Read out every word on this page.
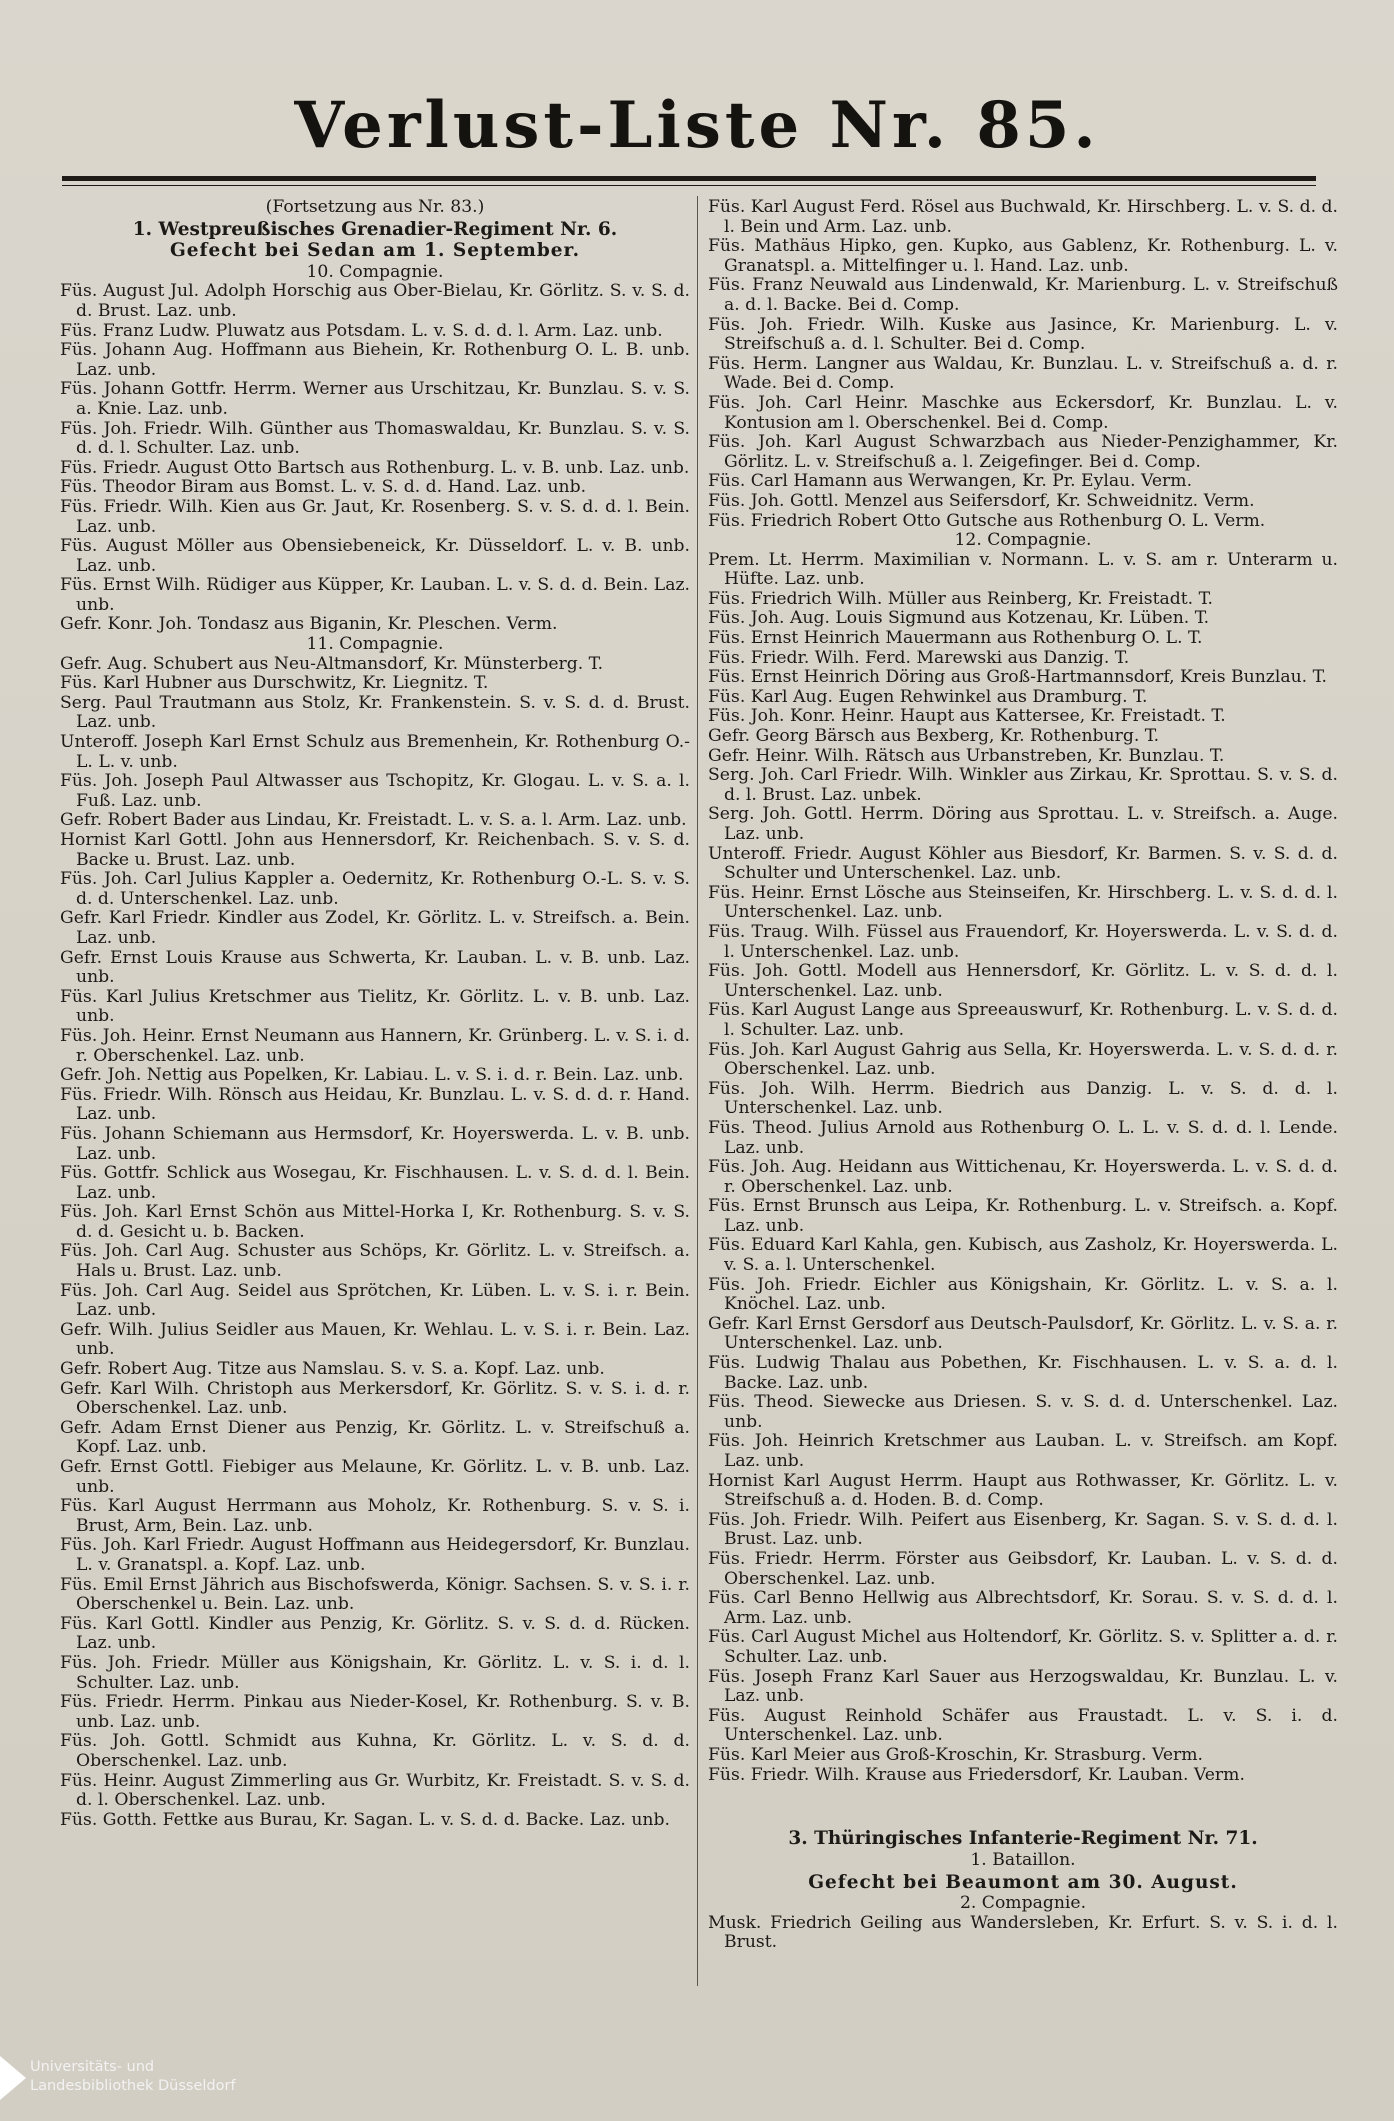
Verlust-Liste Nr. 85.

(Fortsetzung aus Nr. 83.)

1. Westpreußisches Grenadier-Regiment Nr. 6.

Gefecht bei Sedan am 1. September.

10. Compagnie.

Füs. August Jul. Adolph Horschig aus Ober-Bielau, Kr. Görlitz. S. v. S. d. d. Brust. Laz. unb.

Füs. Franz Ludw. Pluwatz aus Potsdam. L. v. S. d. d. l. Arm. Laz. unb.

Füs. Johann Aug. Hoffmann aus Biehein, Kr. Rothenburg O. L. B. unb. Laz. unb.

Füs. Johann Gottfr. Herrm. Werner aus Urschitzau, Kr. Bunzlau. S. v. S. a. Knie. Laz. unb.

Füs. Joh. Friedr. Wilh. Günther aus Thomaswaldau, Kr. Bunzlau. S. v. S. d. d. l. Schulter. Laz. unb.

Füs. Friedr. August Otto Bartsch aus Rothenburg. L. v. B. unb. Laz. unb.

Füs. Theodor Biram aus Bomst. L. v. S. d. d. Hand. Laz. unb.

Füs. Friedr. Wilh. Kien aus Gr. Jaut, Kr. Rosenberg. S. v. S. d. d. l. Bein. Laz. unb.

Füs. August Möller aus Obensiebeneick, Kr. Düsseldorf. L. v. B. unb. Laz. unb.

Füs. Ernst Wilh. Rüdiger aus Küpper, Kr. Lauban. L. v. S. d. d. Bein. Laz. unb.

Gefr. Konr. Joh. Tondasz aus Biganin, Kr. Pleschen. Verm.

11. Compagnie.

Gefr. Aug. Schubert aus Neu-Altmansdorf, Kr. Münsterberg. T.

Füs. Karl Hubner aus Durschwitz, Kr. Liegnitz. T.

Serg. Paul Trautmann aus Stolz, Kr. Frankenstein. S. v. S. d. d. Brust. Laz. unb.

Unteroff. Joseph Karl Ernst Schulz aus Bremenhein, Kr. Rothenburg O.-L. L. v. unb.

Füs. Joh. Joseph Paul Altwasser aus Tschopitz, Kr. Glogau. L. v. S. a. l. Fuß. Laz. unb.

Gefr. Robert Bader aus Lindau, Kr. Freistadt. L. v. S. a. l. Arm. Laz. unb.

Hornist Karl Gottl. John aus Hennersdorf, Kr. Reichenbach. S. v. S. d. Backe u. Brust. Laz. unb.

Füs. Joh. Carl Julius Kappler a. Oedernitz, Kr. Rothenburg O.-L. S. v. S. d. d. Unterschenkel. Laz. unb.

Gefr. Karl Friedr. Kindler aus Zodel, Kr. Görlitz. L. v. Streifsch. a. Bein. Laz. unb.

Gefr. Ernst Louis Krause aus Schwerta, Kr. Lauban. L. v. B. unb. Laz. unb.

Füs. Karl Julius Kretschmer aus Tielitz, Kr. Görlitz. L. v. B. unb. Laz. unb.

Füs. Joh. Heinr. Ernst Neumann aus Hannern, Kr. Grünberg. L. v. S. i. d. r. Oberschenkel. Laz. unb.

Gefr. Joh. Nettig aus Popelken, Kr. Labiau. L. v. S. i. d. r. Bein. Laz. unb.

Füs. Friedr. Wilh. Rönsch aus Heidau, Kr. Bunzlau. L. v. S. d. d. r. Hand. Laz. unb.

Füs. Johann Schiemann aus Hermsdorf, Kr. Hoyerswerda. L. v. B. unb. Laz. unb.

Füs. Gottfr. Schlick aus Wosegau, Kr. Fischhausen. L. v. S. d. d. l. Bein. Laz. unb.

Füs. Joh. Karl Ernst Schön aus Mittel-Horka I, Kr. Rothenburg. S. v. S. d. d. Gesicht u. b. Backen.

Füs. Joh. Carl Aug. Schuster aus Schöps, Kr. Görlitz. L. v. Streifsch. a. Hals u. Brust. Laz. unb.

Füs. Joh. Carl Aug. Seidel aus Sprötchen, Kr. Lüben. L. v. S. i. r. Bein. Laz. unb.

Gefr. Wilh. Julius Seidler aus Mauen, Kr. Wehlau. L. v. S. i. r. Bein. Laz. unb.

Gefr. Robert Aug. Titze aus Namslau. S. v. S. a. Kopf. Laz. unb.

Gefr. Karl Wilh. Christoph aus Merkersdorf, Kr. Görlitz. S. v. S. i. d. r. Oberschenkel. Laz. unb.

Gefr. Adam Ernst Diener aus Penzig, Kr. Görlitz. L. v. Streifschuß a. Kopf. Laz. unb.

Gefr. Ernst Gottl. Fiebiger aus Melaune, Kr. Görlitz. L. v. B. unb. Laz. unb.

Füs. Karl August Herrmann aus Moholz, Kr. Rothenburg. S. v. S. i. Brust, Arm, Bein. Laz. unb.

Füs. Joh. Karl Friedr. August Hoffmann aus Heidegersdorf, Kr. Bunzlau. L. v. Granatspl. a. Kopf. Laz. unb.

Füs. Emil Ernst Jährich aus Bischofswerda, Königr. Sachsen. S. v. S. i. r. Oberschenkel u. Bein. Laz. unb.

Füs. Karl Gottl. Kindler aus Penzig, Kr. Görlitz. S. v. S. d. d. Rücken. Laz. unb.

Füs. Joh. Friedr. Müller aus Königshain, Kr. Görlitz. L. v. S. i. d. l. Schulter. Laz. unb.

Füs. Friedr. Herrm. Pinkau aus Nieder-Kosel, Kr. Rothenburg. S. v. B. unb. Laz. unb.

Füs. Joh. Gottl. Schmidt aus Kuhna, Kr. Görlitz. L. v. S. d. d. Oberschenkel. Laz. unb.

Füs. Heinr. August Zimmerling aus Gr. Wurbitz, Kr. Freistadt. S. v. S. d. d. l. Oberschenkel. Laz. unb.

Füs. Gotth. Fettke aus Burau, Kr. Sagan. L. v. S. d. d. Backe. Laz. unb.

Füs. Karl August Ferd. Rösel aus Buchwald, Kr. Hirschberg. L. v. S. d. d. l. Bein und Arm. Laz. unb.

Füs. Mathäus Hipko, gen. Kupko, aus Gablenz, Kr. Rothenburg. L. v. Granatspl. a. Mittelfinger u. l. Hand. Laz. unb.

Füs. Franz Neuwald aus Lindenwald, Kr. Marienburg. L. v. Streifschuß a. d. l. Backe. Bei d. Comp.

Füs. Joh. Friedr. Wilh. Kuske aus Jasince, Kr. Marienburg. L. v. Streifschuß a. d. l. Schulter. Bei d. Comp.

Füs. Herm. Langner aus Waldau, Kr. Bunzlau. L. v. Streifschuß a. d. r. Wade. Bei d. Comp.

Füs. Joh. Carl Heinr. Maschke aus Eckersdorf, Kr. Bunzlau. L. v. Kontusion am l. Oberschenkel. Bei d. Comp.

Füs. Joh. Karl August Schwarzbach aus Nieder-Penzighammer, Kr. Görlitz. L. v. Streifschuß a. l. Zeigefinger. Bei d. Comp.

Füs. Carl Hamann aus Werwangen, Kr. Pr. Eylau. Verm.

Füs. Joh. Gottl. Menzel aus Seifersdorf, Kr. Schweidnitz. Verm.

Füs. Friedrich Robert Otto Gutsche aus Rothenburg O. L. Verm.

12. Compagnie.

Prem. Lt. Herrm. Maximilian v. Normann. L. v. S. am r. Unterarm u. Hüfte. Laz. unb.

Füs. Friedrich Wilh. Müller aus Reinberg, Kr. Freistadt. T.

Füs. Joh. Aug. Louis Sigmund aus Kotzenau, Kr. Lüben. T.

Füs. Ernst Heinrich Mauermann aus Rothenburg O. L. T.

Füs. Friedr. Wilh. Ferd. Marewski aus Danzig. T.

Füs. Ernst Heinrich Döring aus Groß-Hartmannsdorf, Kreis Bunzlau. T.

Füs. Karl Aug. Eugen Rehwinkel aus Dramburg. T.

Füs. Joh. Konr. Heinr. Haupt aus Kattersee, Kr. Freistadt. T.

Gefr. Georg Bärsch aus Bexberg, Kr. Rothenburg. T.

Gefr. Heinr. Wilh. Rätsch aus Urbanstreben, Kr. Bunzlau. T.

Serg. Joh. Carl Friedr. Wilh. Winkler aus Zirkau, Kr. Sprottau. S. v. S. d. d. l. Brust. Laz. unbek.

Serg. Joh. Gottl. Herrm. Döring aus Sprottau. L. v. Streifsch. a. Auge. Laz. unb.

Unteroff. Friedr. August Köhler aus Biesdorf, Kr. Barmen. S. v. S. d. d. Schulter und Unterschenkel. Laz. unb.

Füs. Heinr. Ernst Lösche aus Steinseifen, Kr. Hirschberg. L. v. S. d. d. l. Unterschenkel. Laz. unb.

Füs. Traug. Wilh. Füssel aus Frauendorf, Kr. Hoyerswerda. L. v. S. d. d. l. Unterschenkel. Laz. unb.

Füs. Joh. Gottl. Modell aus Hennersdorf, Kr. Görlitz. L. v. S. d. d. l. Unterschenkel. Laz. unb.

Füs. Karl August Lange aus Spreeauswurf, Kr. Rothenburg. L. v. S. d. d. l. Schulter. Laz. unb.

Füs. Joh. Karl August Gahrig aus Sella, Kr. Hoyerswerda. L. v. S. d. d. r. Oberschenkel. Laz. unb.

Füs. Joh. Wilh. Herrm. Biedrich aus Danzig. L. v. S. d. d. l. Unterschenkel. Laz. unb.

Füs. Theod. Julius Arnold aus Rothenburg O. L. L. v. S. d. d. l. Lende. Laz. unb.

Füs. Joh. Aug. Heidann aus Wittichenau, Kr. Hoyerswerda. L. v. S. d. d. r. Oberschenkel. Laz. unb.

Füs. Ernst Brunsch aus Leipa, Kr. Rothenburg. L. v. Streifsch. a. Kopf. Laz. unb.

Füs. Eduard Karl Kahla, gen. Kubisch, aus Zasholz, Kr. Hoyerswerda. L. v. S. a. l. Unterschenkel.

Füs. Joh. Friedr. Eichler aus Königshain, Kr. Görlitz. L. v. S. a. l. Knöchel. Laz. unb.

Gefr. Karl Ernst Gersdorf aus Deutsch-Paulsdorf, Kr. Görlitz. L. v. S. a. r. Unterschenkel. Laz. unb.

Füs. Ludwig Thalau aus Pobethen, Kr. Fischhausen. L. v. S. a. d. l. Backe. Laz. unb.

Füs. Theod. Siewecke aus Driesen. S. v. S. d. d. Unterschenkel. Laz. unb.

Füs. Joh. Heinrich Kretschmer aus Lauban. L. v. Streifsch. am Kopf. Laz. unb.

Hornist Karl August Herrm. Haupt aus Rothwasser, Kr. Görlitz. L. v. Streifschuß a. d. Hoden. B. d. Comp.

Füs. Joh. Friedr. Wilh. Peifert aus Eisenberg, Kr. Sagan. S. v. S. d. d. l. Brust. Laz. unb.

Füs. Friedr. Herrm. Förster aus Geibsdorf, Kr. Lauban. L. v. S. d. d. Oberschenkel. Laz. unb.

Füs. Carl Benno Hellwig aus Albrechtsdorf, Kr. Sorau. S. v. S. d. d. l. Arm. Laz. unb.

Füs. Carl August Michel aus Holtendorf, Kr. Görlitz. S. v. Splitter a. d. r. Schulter. Laz. unb.

Füs. Joseph Franz Karl Sauer aus Herzogswaldau, Kr. Bunzlau. L. v. Laz. unb.

Füs. August Reinhold Schäfer aus Fraustadt. L. v. S. i. d. Unterschenkel. Laz. unb.

Füs. Karl Meier aus Groß-Kroschin, Kr. Strasburg. Verm.

Füs. Friedr. Wilh. Krause aus Friedersdorf, Kr. Lauban. Verm.

3. Thüringisches Infanterie-Regiment Nr. 71.

1. Bataillon.

Gefecht bei Beaumont am 30. August.

2. Compagnie.

Musk. Friedrich Geiling aus Wandersleben, Kr. Erfurt. S. v. S. i. d. l. Brust.

Universitäts- und
Landesbibliothek Düsseldorf
